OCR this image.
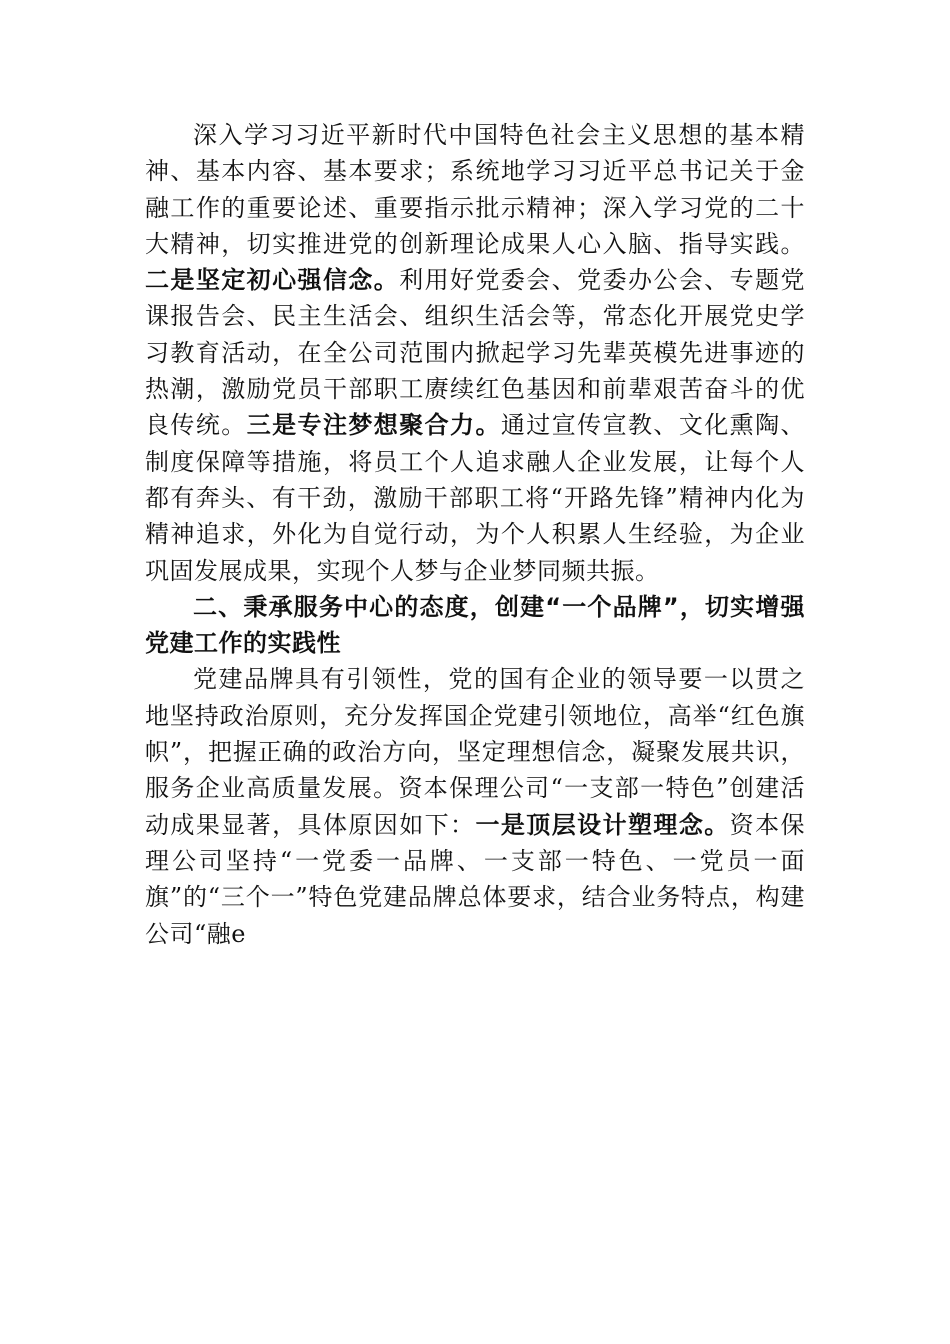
深入学习习近平新时代中国特色社会主义思想的基本精神、基本内容、基本要求；系统地学习习近平总书记关于金融工作的重要论述、重要指示批示精神；深入学习党的二十大精神，切实推进党的创新理论成果人心入脑、指导实践。二是坚定初心强信念。利用好党委会、党委办公会、专题党课报告会、民主生活会、组织生活会等，常态化开展党史学习教育活动，在全公司范围内掀起学习先辈英模先进事迹的热潮，激励党员干部职工赓续红色基因和前辈艰苦奋斗的优良传统。三是专注梦想聚合力。通过宣传宣教、文化熏陶、制度保障等措施，将员工个人追求融人企业发展，让每个人都有奔头、有干劲，激励干部职工将“开路先锋”精神内化为精神追求，外化为自觉行动，为个人积累人生经验，为企业巩固发展成果，实现个人梦与企业梦同频共振。

二、秉承服务中心的态度，创建“一个品牌”，切实增强党建工作的实践性

党建品牌具有引领性，党的国有企业的领导要一以贯之地坚持政治原则，充分发挥国企党建引领地位，高举“红色旗帜”，把握正确的政治方向，坚定理想信念，凝聚发展共识，服务企业高质量发展。资本保理公司“一支部一特色”创建活动成果显著，具体原因如下：一是顶层设计塑理念。资本保理公司坚持“一党委一品牌、一支部一特色、一党员一面旗”的“三个一”特色党建品牌总体要求，结合业务特点，构建公司“融e
